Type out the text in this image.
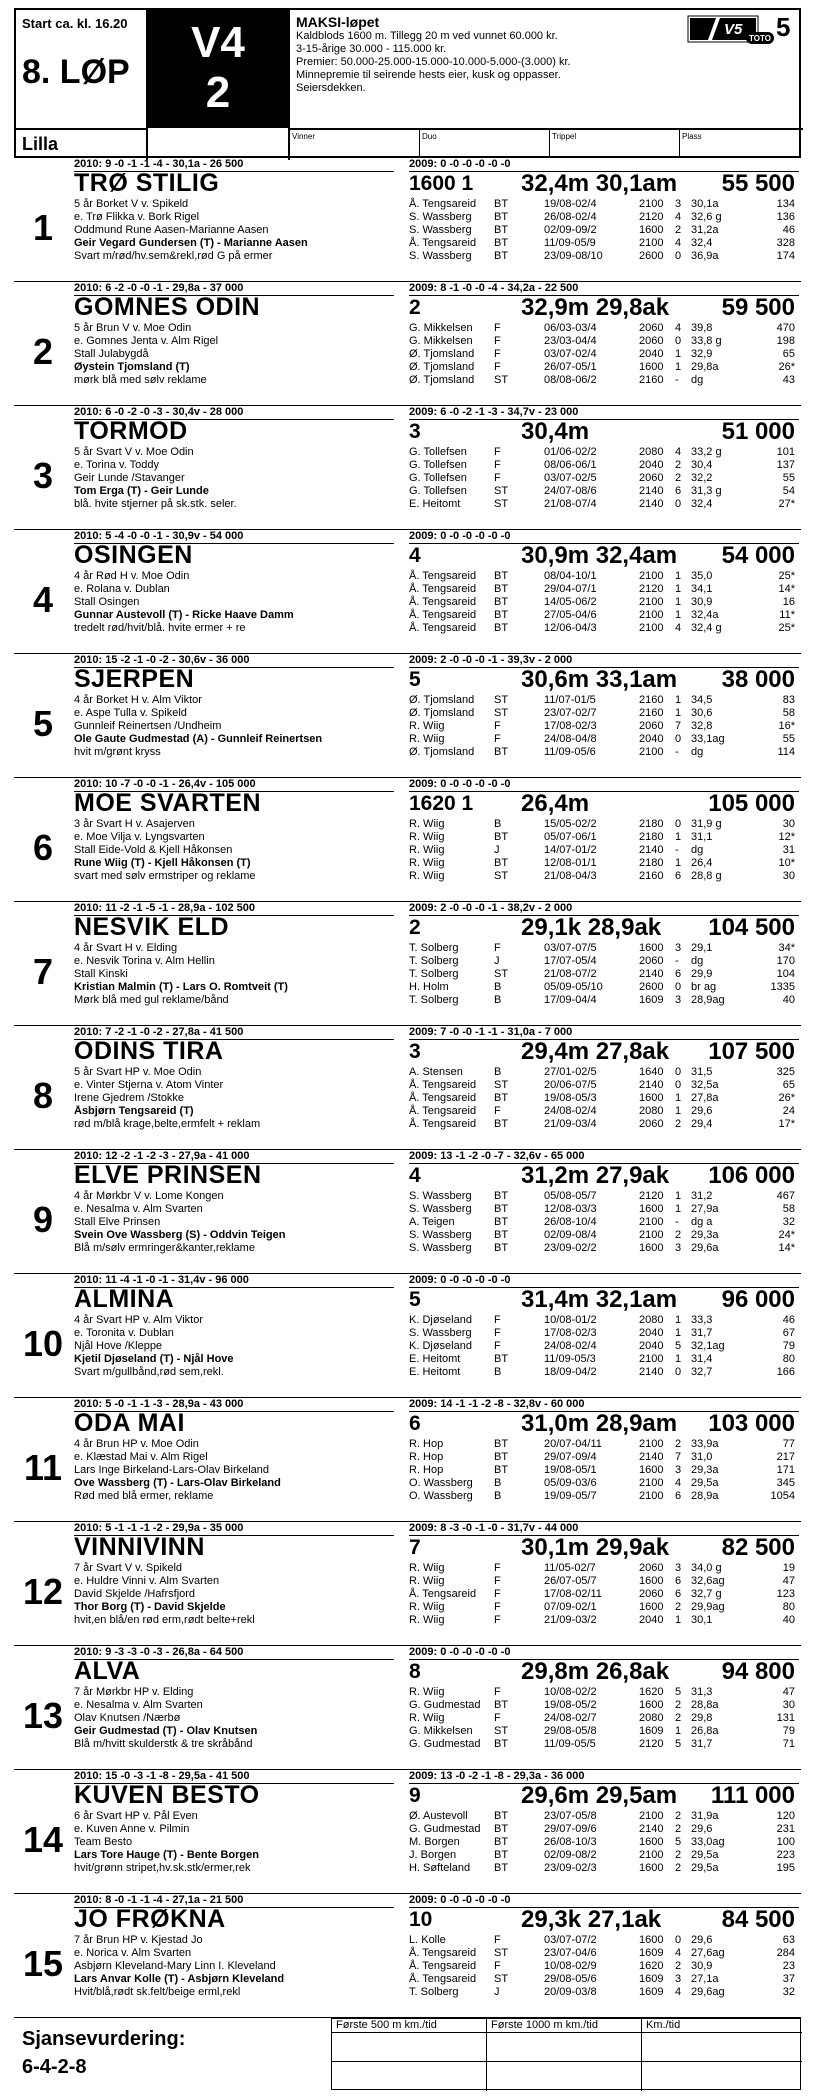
Start ca. kl. 16.20
8. LØP
Lilla
V4
2
MAKSI-løpet
Kaldblods 1600 m. Tillegg 20 m ved vunnet 60.000 kr.
3-15-årige 30.000 - 115.000 kr.
Premier: 50.000-25.000-15.000-10.000-5.000-(3.000) kr.
Minnepremie til seirende hests eier, kusk og oppasser.
Seiersdekken.
V5
TOTO 5
Vinner	Duo	Trippel	Plass
2010: 9 -0 -1 -1 -4 - 30,1a - 26 500	2009: 0 -0 -0 -0 -0 -0
TRØ STILIG
1
5 år Borket V v. Spikeld
e. Trø Flikka v. Bork Rigel
Oddmund Rune Aasen-Marianne Aasen
Geir Vegard Gundersen (T) - Marianne Aasen
Svart m/rød/hv.sem&rekl,rød G på ermer
1600 1 32,4m 30,1am 55 500
Å. Tengsareid BT	19/08-02/4	2100 3 30,1a	134
S. Wassberg BT	26/08-02/4	2120 4 32,6 g	136
S. Wassberg BT	02/09-09/2	1600 2 31,2a	46
Å. Tengsareid BT	11/09-05/9	2100 4 32,4	328
S. Wassberg BT	23/09-08/10	2600 0 36,9a	174
2010: 6 -2 -0 -0 -1 - 29,8a - 37 000	2009: 8 -1 -0 -0 -4 - 34,2a - 22 500
GOMNES ODIN
2
5 år Brun V v. Moe Odin
e. Gomnes Jenta v. Alm Rigel
Stall Julabygdå
Øystein Tjomsland (T)
mørk blå med sølv reklame
2	32,9m 29,8ak 59 500
G. Mikkelsen F	06/03-03/4	2060 4 39,8	470
G. Mikkelsen F	23/03-04/4	2060 0 33,8 g	198
Ø. Tjomsland F	03/07-02/4	2040 1 32,9	65
Ø. Tjomsland F	26/07-05/1	1600 1 29,8a	26*
Ø. Tjomsland ST	08/08-06/2	2160 - dg	43
2010: 6 -0 -2 -0 -3 - 30,4v - 28 000	2009: 6 -0 -2 -1 -3 - 34,7v - 23 000
TORMOD
3
5 år Svart V v. Moe Odin
e. Torina v. Toddy
Geir Lunde /Stavanger
Tom Erga (T) - Geir Lunde
blå. hvite stjerner på sk.stk. seler.
3	30,4m	51 000
G. Tollefsen F	01/06-02/2	2080 4 33,2 g	101
G. Tollefsen F	08/06-06/1	2040 2 30,4	137
G. Tollefsen F	03/07-02/5	2060 2 32,2	55
G. Tollefsen ST	24/07-08/6	2140 6 31,3 g	54
E. Heitomt	ST	21/08-07/4	2140 0 32,4	27*
2010: 5 -4 -0 -0 -1 - 30,9v - 54 000	2009: 0 -0 -0 -0 -0 -0
OSINGEN
4
4 år Rød H v. Moe Odin
e. Rolana v. Dublan
Stall Osingen
Gunnar Austevoll (T) - Ricke Haave Damm
tredelt rød/hvit/blå. hvite ermer + re
4	30,9m 32,4am 54 000
Å. Tengsareid BT	08/04-10/1	2100 1 35,0	25*
Å. Tengsareid BT	29/04-07/1	2120 1 34,1	14*
Å. Tengsareid BT	14/05-06/2	2100 1 30,9	16
Å. Tengsareid BT	27/05-04/6	2100 1 32,4a	11*
Å. Tengsareid BT	12/06-04/3	2100 4 32,4 g	25*
2010: 15 -2 -1 -0 -2 - 30,6v - 36 000	2009: 2 -0 -0 -0 -1 - 39,3v - 2 000
SJERPEN
5
4 år Borket H v. Alm Viktor
e. Aspe Tulla v. Spikeld
Gunnleif Reinertsen /Undheim
Ole Gaute Gudmestad (A) - Gunnleif Reinertsen
hvit m/grønt kryss
5	30,6m 33,1am 38 000
Ø. Tjomsland ST	11/07-01/5	2160 1 34,5	83
Ø. Tjomsland ST	23/07-02/7	2160 1 30,6	58
R. Wiig	F	17/08-02/3	2060 7 32,8	16*
R. Wiig	F	24/08-04/8	2040 0 33,1ag	55
Ø. Tjomsland BT	11/09-05/6	2100 - dg	114
2010: 10 -7 -0 -0 -1 - 26,4v - 105 000	2009: 0 -0 -0 -0 -0 -0
MOE SVARTEN
6
3 år Svart H v. Asajerven
e. Moe Vilja v. Lyngsvarten
Stall Eide-Vold & Kjell Håkonsen
Rune Wiig (T) - Kjell Håkonsen (T)
svart med sølv ermstriper og reklame
1620 1 26,4m	105 000
R. Wiig	B	15/05-02/2	2180 0 31,9 g	30
R. Wiig	BT	05/07-06/1	2180 1 31,1	12*
R. Wiig	J	14/07-01/2	2140 - dg	31
R. Wiig	BT	12/08-01/1	2180 1 26,4	10*
R. Wiig	ST	21/08-04/3	2160 6 28,8 g	30
2010: 11 -2 -1 -5 -1 - 28,9a - 102 500	2009: 2 -0 -0 -0 -1 - 38,2v - 2 000
NESVIK ELD
7
4 år Svart H v. Elding
e. Nesvik Torina v. Alm Hellin
Stall Kinski
Kristian Malmin (T) - Lars O. Romtveit (T)
Mørk blå med gul reklame/bånd
2	29,1k 28,9ak 104 500
T. Solberg	F	03/07-07/5	1600 3 29,1	34*
T. Solberg	J	17/07-05/4	2060 - dg	170
T. Solberg	ST	21/08-07/2	2140 6 29,9	104
H. Holm	B	05/09-05/10	2600 0 br ag	1335
T. Solberg	B	17/09-04/4	1609 3 28,9ag	40
2010: 7 -2 -1 -0 -2 - 27,8a - 41 500	2009: 7 -0 -0 -1 -1 - 31,0a - 7 000
ODINS TIRA
8
5 år Svart HP v. Moe Odin
e. Vinter Stjerna v. Atom Vinter
Irene Gjedrem /Stokke
Åsbjørn Tengsareid (T)
rød m/blå krage,belte,ermfelt + reklam
3	29,4m 27,8ak 107 500
A. Stensen	B	27/01-02/5	1640 0 31,5	325
Å. Tengsareid ST	20/06-07/5	2140 0 32,5a	65
Å. Tengsareid BT	19/08-05/3	1600 1 27,8a	26*
Å. Tengsareid F	24/08-02/4	2080 1 29,6	24
Å. Tengsareid BT	21/09-03/4	2060 2 29,4	17*
2010: 12 -2 -1 -2 -3 - 27,9a - 41 000	2009: 13 -1 -2 -0 -7 - 32,6v - 65 000
ELVE PRINSEN
9
4 år Mørkbr V v. Lome Kongen
e. Nesalma v. Alm Svarten
Stall Elve Prinsen
Svein Ove Wassberg (S) - Oddvin Teigen
Blå m/sølv ermringer&kanter,reklame
4	31,2m 27,9ak 106 000
S. Wassberg BT	05/08-05/7	2120 1 31,2	467
S. Wassberg BT	12/08-03/3	1600 1 27,9a	58
A. Teigen	BT	26/08-10/4	2100 - dg a	32
S. Wassberg BT	02/09-08/4	2100 2 29,3a	24*
S. Wassberg BT	23/09-02/2	1600 3 29,6a	14*
2010: 11 -4 -1 -0 -1 - 31,4v - 96 000	2009: 0 -0 -0 -0 -0 -0
ALMINA
10
4 år Svart HP v. Alm Viktor
e. Toronita v. Dublan
Njål Hove /Kleppe
Kjetil Djøseland (T) - Njål Hove
Svart m/gullbånd,rød sem,rekl.
5	31,4m 32,1am 96 000
K. Djøseland F	10/08-01/2	2080 1 33,3	46
S. Wassberg F	17/08-02/3	2040 1 31,7	67
K. Djøseland F	24/08-02/4	2040 5 32,1ag	79
E. Heitomt	BT	11/09-05/3	2100 1 31,4	80
E. Heitomt	B	18/09-04/2	2140 0 32,7	166
2010: 5 -0 -1 -1 -3 - 28,9a - 43 000	2009: 14 -1 -1 -2 -8 - 32,8v - 60 000
ODA MAI
11
4 år Brun HP v. Moe Odin
e. Klæstad Mai v. Alm Rigel
Lars Inge Birkeland-Lars-Olav Birkeland
Ove Wassberg (T) - Lars-Olav Birkeland
Rød med blå ermer, reklame
6	31,0m 28,9am 103 000
R. Hop	BT	20/07-04/11	2100 2 33,9a	77
R. Hop	BT	29/07-09/4	2140 7 31,0	217
R. Hop	BT	19/08-05/1	1600 3 29,3a	171
O. Wassberg B	05/09-03/6	2100 4 29,5a	345
O. Wassberg B	19/09-05/7	2100 6 28,9a	1054
2010: 5 -1 -1 -1 -2 - 29,9a - 35 000	2009: 8 -3 -0 -1 -0 - 31,7v - 44 000
VINNIVINN
12
7 år Svart V v. Spikeld
e. Huldre Vinni v. Alm Svarten
David Skjelde /Hafrsfjord
Thor Borg (T) - David Skjelde
hvit,en blå/en rød erm,rødt belte+rekl
7	30,1m 29,9ak 82 500
R. Wiig	F	11/05-02/7	2060 3 34,0 g	19
R. Wiig	F	26/07-05/7	1600 6 32,6ag	47
Å. Tengsareid F	17/08-02/11	2060 6 32,7 g	123
R. Wiig	F	07/09-02/1	1600 2 29,9ag	80
R. Wiig	F	21/09-03/2	2040 1 30,1	40
2010: 9 -3 -3 -0 -3 - 26,8a - 64 500	2009: 0 -0 -0 -0 -0 -0
ALVA
13
7 år Mørkbr HP v. Elding
e. Nesalma v. Alm Svarten
Olav Knutsen /Nærbø
Geir Gudmestad (T) - Olav Knutsen
Blå m/hvitt skulderstk & tre skråbånd
8	29,8m 26,8ak 94 800
R. Wiig	F	10/08-02/2	1620 5 31,3	47
G. Gudmestad BT	19/08-05/2	1600 2 28,8a	30
R. Wiig	F	24/08-02/7	2080 2 29,8	131
G. Mikkelsen ST	29/08-05/8	1609 1 26,8a	79
G. Gudmestad BT	11/09-05/5	2120 5 31,7	71
2010: 15 -0 -3 -1 -8 - 29,5a - 41 500	2009: 13 -0 -2 -1 -8 - 29,3a - 36 000
KUVEN BESTO
14
6 år Svart HP v. Pål Even
e. Kuven Anne v. Pilmin
Team Besto
Lars Tore Hauge (T) - Bente Borgen
hvit/grønn stripet,hv.sk.stk/ermer,rek
9	29,6m 29,5am 111 000
Ø. Austevoll BT	23/07-05/8	2100 2 31,9a	120
G. Gudmestad BT	29/07-09/6	2140 2 29,6	231
M. Borgen	BT	26/08-10/3	1600 5 33,0ag	100
J. Borgen	BT	02/09-08/2	2100 2 29,5a	223
H. Søfteland BT	23/09-02/3	1600 2 29,5a	195
2010: 8 -0 -1 -1 -4 - 27,1a - 21 500	2009: 0 -0 -0 -0 -0 -0
JO FRØKNA
15
7 år Brun HP v. Kjestad Jo
e. Norica v. Alm Svarten
Asbjørn Kleveland-Mary Linn I. Kleveland
Lars Anvar Kolle (T) - Asbjørn Kleveland
Hvit/blå,rødt sk.felt/beige erml,rekl
10	29,3k 27,1ak	84 500
L. Kolle	F	03/07-07/2	1600 0 29,6	63
Å. Tengsareid ST	23/07-04/6	1609 4 27,6ag	284
Å. Tengsareid F	10/08-02/9	1620 2 30,9	23
Å. Tengsareid ST	29/08-05/6	1609 3 27,1a	37
T. Solberg	J	20/09-03/8	1609 4 29,6ag	32
Sjansevurdering:
6-4-2-8
Første 500 m km./tid	Første 1000 m km./tid	Km./tid
